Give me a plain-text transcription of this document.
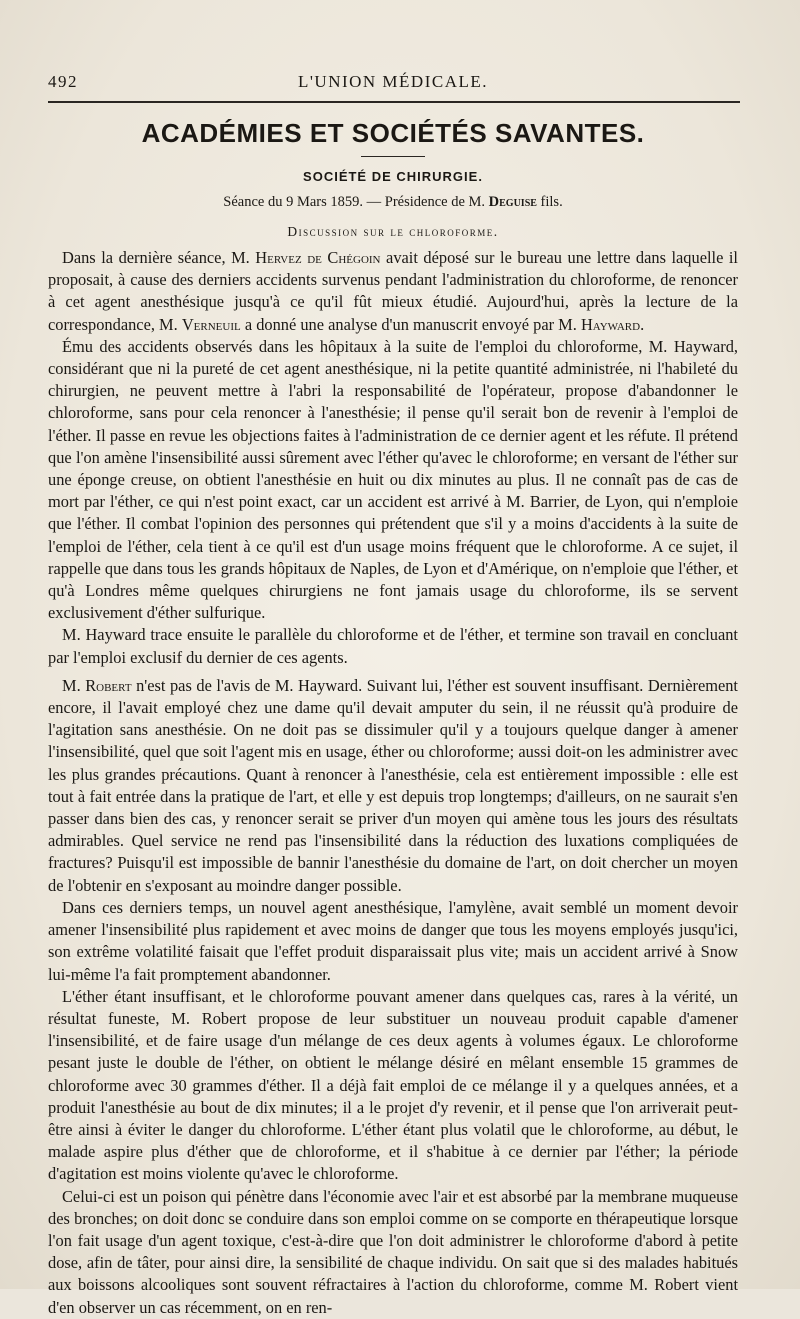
492	L'UNION MÉDICALE.
ACADÉMIES ET SOCIÉTÉS SAVANTES.
SOCIÉTÉ DE CHIRURGIE.
Séance du 9 Mars 1859. — Présidence de M. Deguise fils.
Discussion sur le chloroforme.

Dans la dernière séance, M. Hervez de Chégoin avait déposé sur le bureau une lettre dans laquelle il proposait, à cause des derniers accidents survenus pendant l'administration du chloroforme, de renoncer à cet agent anesthésique jusqu'à ce qu'il fût mieux étudié. Aujourd'hui, après la lecture de la correspondance, M. Verneuil a donné une analyse d'un manuscrit envoyé par M. Hayward.

Ému des accidents observés dans les hôpitaux à la suite de l'emploi du chloroforme, M. Hayward, considérant que ni la pureté de cet agent anesthésique, ni la petite quantité administrée, ni l'habileté du chirurgien, ne peuvent mettre à l'abri la responsabilité de l'opérateur, propose d'abandonner le chloroforme, sans pour cela renoncer à l'anesthésie; il pense qu'il serait bon de revenir à l'emploi de l'éther. Il passe en revue les objections faites à l'administration de ce dernier agent et les réfute. Il prétend que l'on amène l'insensibilité aussi sûrement avec l'éther qu'avec le chloroforme; en versant de l'éther sur une éponge creuse, on obtient l'anesthésie en huit ou dix minutes au plus. Il ne connaît pas de cas de mort par l'éther, ce qui n'est point exact, car un accident est arrivé à M. Barrier, de Lyon, qui n'emploie que l'éther. Il combat l'opinion des personnes qui prétendent que s'il y a moins d'accidents à la suite de l'emploi de l'éther, cela tient à ce qu'il est d'un usage moins fréquent que le chloroforme. A ce sujet, il rappelle que dans tous les grands hôpitaux de Naples, de Lyon et d'Amérique, on n'emploie que l'éther, et qu'à Londres même quelques chirurgiens ne font jamais usage du chloroforme, ils se servent exclusivement d'éther sulfurique.

M. Hayward trace ensuite le parallèle du chloroforme et de l'éther, et termine son travail en concluant par l'emploi exclusif du dernier de ces agents.

M. Robert n'est pas de l'avis de M. Hayward. Suivant lui, l'éther est souvent insuffisant. Dernièrement encore, il l'avait employé chez une dame qu'il devait amputer du sein, il ne réussit qu'à produire de l'agitation sans anesthésie. On ne doit pas se dissimuler qu'il y a toujours quelque danger à amener l'insensibilité, quel que soit l'agent mis en usage, éther ou chloroforme; aussi doit-on les administrer avec les plus grandes précautions. Quant à renoncer à l'anesthésie, cela est entièrement impossible : elle est tout à fait entrée dans la pratique de l'art, et elle y est depuis trop longtemps; d'ailleurs, on ne saurait s'en passer dans bien des cas, y renoncer serait se priver d'un moyen qui amène tous les jours des résultats admirables. Quel service ne rend pas l'insensibilité dans la réduction des luxations compliquées de fractures? Puisqu'il est impossible de bannir l'anesthésie du domaine de l'art, on doit chercher un moyen de l'obtenir en s'exposant au moindre danger possible.

Dans ces derniers temps, un nouvel agent anesthésique, l'amylène, avait semblé un moment devoir amener l'insensibilité plus rapidement et avec moins de danger que tous les moyens employés jusqu'ici, son extrême volatilité faisait que l'effet produit disparaissait plus vite; mais un accident arrivé à Snow lui-même l'a fait promptement abandonner.

L'éther étant insuffisant, et le chloroforme pouvant amener dans quelques cas, rares à la vérité, un résultat funeste, M. Robert propose de leur substituer un nouveau produit capable d'amener l'insensibilité, et de faire usage d'un mélange de ces deux agents à volumes égaux. Le chloroforme pesant juste le double de l'éther, on obtient le mélange désiré en mêlant ensemble 15 grammes de chloroforme avec 30 grammes d'éther. Il a déjà fait emploi de ce mélange il y a quelques années, et a produit l'anesthésie au bout de dix minutes; il a le projet d'y revenir, et il pense que l'on arriverait peut-être ainsi à éviter le danger du chloroforme. L'éther étant plus volatil que le chloroforme, au début, le malade aspire plus d'éther que de chloroforme, et il s'habitue à ce dernier par l'éther; la période d'agitation est moins violente qu'avec le chloroforme.

Celui-ci est un poison qui pénètre dans l'économie avec l'air et est absorbé par la membrane muqueuse des bronches; on doit donc se conduire dans son emploi comme on se comporte en thérapeutique lorsque l'on fait usage d'un agent toxique, c'est-à-dire que l'on doit administrer le chloroforme d'abord à petite dose, afin de tâter, pour ainsi dire, la sensibilité de chaque individu. On sait que si des malades habitués aux boissons alcooliques sont souvent réfractaires à l'action du chloroforme, comme M. Robert vient d'en observer un cas récemment, on en ren-
